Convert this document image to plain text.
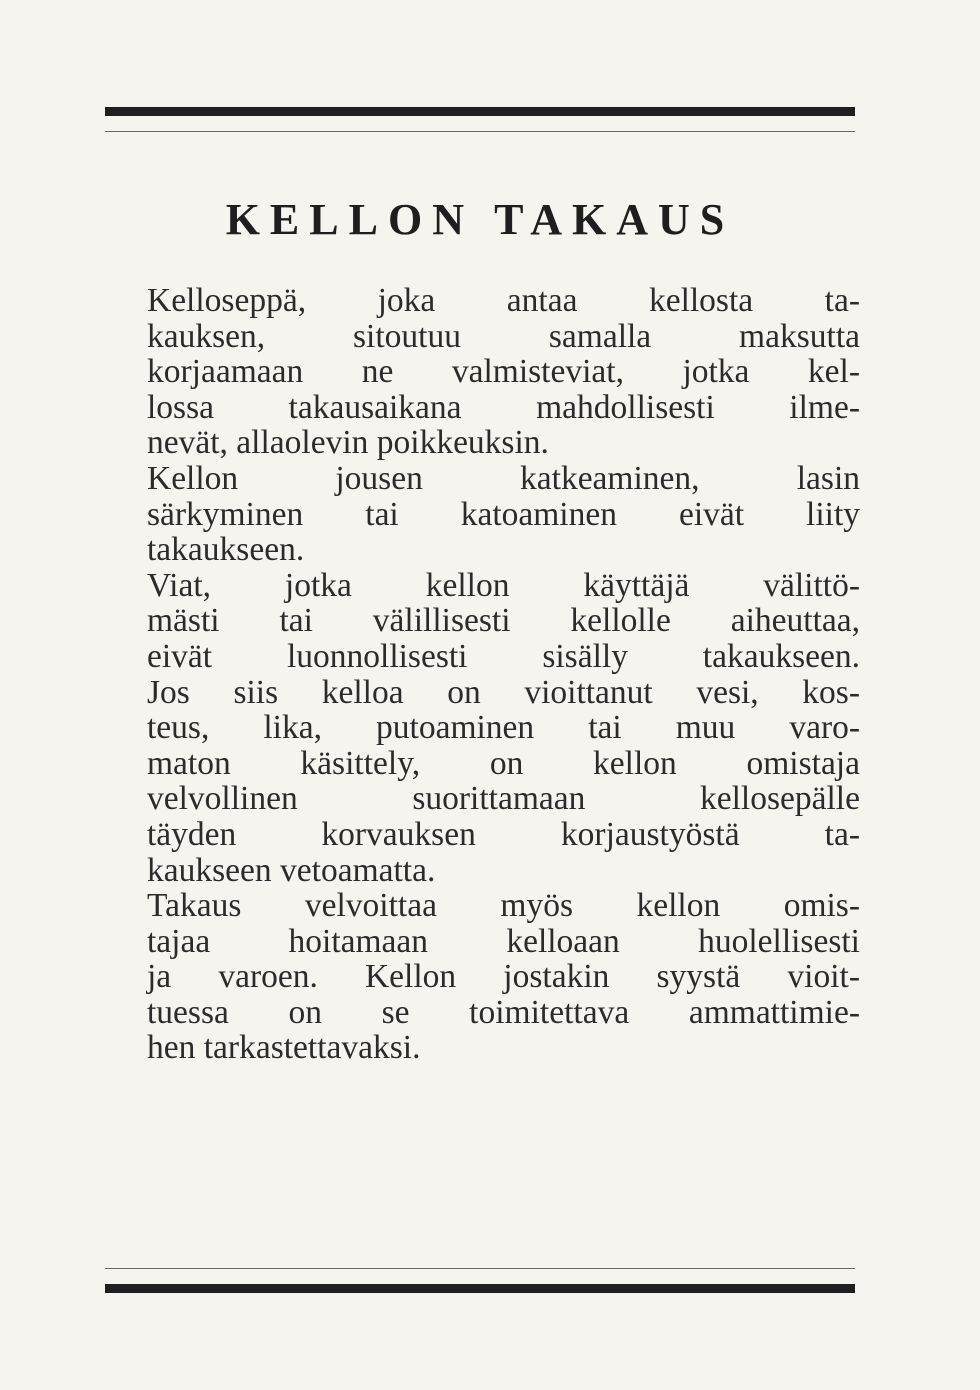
KELLON TAKAUS

Kelloseppä, joka antaa kellosta ta-
kauksen, sitoutuu samalla maksutta
korjaamaan ne valmisteviat, jotka kel-
lossa takausaikana mahdollisesti ilme-
nevät, allaolevin poikkeuksin.

Kellon jousen katkeaminen, lasin
särkyminen tai katoaminen eivät liity
takaukseen.

Viat, jotka kellon käyttäjä välittö-
mästi tai välillisesti kellolle aiheuttaa,
eivät luonnollisesti sisälly takaukseen.
Jos siis kelloa on vioittanut vesi, kos-
teus, lika, putoaminen tai muu varo-
maton käsittely, on kellon omistaja
velvollinen suorittamaan kellosepälle
täyden korvauksen korjaustyöstä ta-
kaukseen vetoamatta.

Takaus velvoittaa myös kellon omis-
tajaa hoitamaan kelloaan huolellisesti
ja varoen. Kellon jostakin syystä vioit-
tuessa on se toimitettava ammattimie-
hen tarkastettavaksi.
